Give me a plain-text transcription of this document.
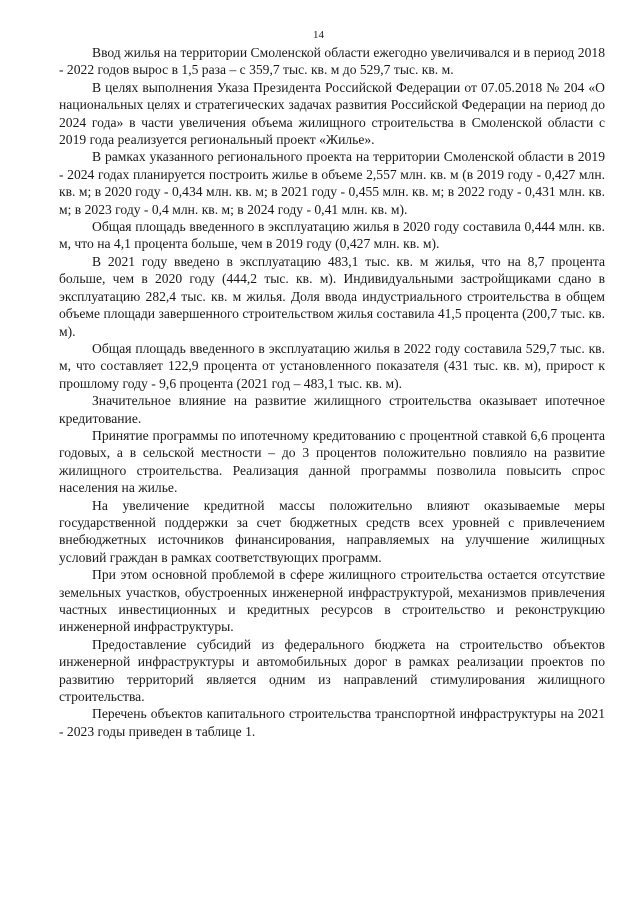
14

Ввод жилья на территории Смоленской области ежегодно увеличивался и в период 2018 - 2022 годов вырос в 1,5 раза – с 359,7 тыс. кв. м до 529,7 тыс. кв. м.

В целях выполнения Указа Президента Российской Федерации от 07.05.2018 № 204 «О национальных целях и стратегических задачах развития Российской Федерации на период до 2024 года» в части увеличения объема жилищного строительства в Смоленской области с 2019 года реализуется региональный проект «Жилье».

В рамках указанного регионального проекта на территории Смоленской области в 2019 - 2024 годах планируется построить жилье в объеме 2,557 млн. кв. м (в 2019 году - 0,427 млн. кв. м; в 2020 году - 0,434 млн. кв. м; в 2021 году - 0,455 млн. кв. м; в 2022 году - 0,431 млн. кв. м; в 2023 году - 0,4 млн. кв. м; в 2024 году - 0,41 млн. кв. м).

Общая площадь введенного в эксплуатацию жилья в 2020 году составила 0,444 млн. кв. м, что на 4,1 процента больше, чем в 2019 году (0,427 млн. кв. м).

В 2021 году введено в эксплуатацию 483,1 тыс. кв. м жилья, что на 8,7 процента больше, чем в 2020 году (444,2 тыс. кв. м). Индивидуальными застройщиками сдано в эксплуатацию 282,4 тыс. кв. м жилья. Доля ввода индустриального строительства в общем объеме площади завершенного строительством жилья составила 41,5 процента (200,7 тыс. кв. м).

Общая площадь введенного в эксплуатацию жилья в 2022 году составила 529,7 тыс. кв. м, что составляет 122,9 процента от установленного показателя (431 тыс. кв. м), прирост к прошлому году - 9,6 процента (2021 год – 483,1 тыс. кв. м).

Значительное влияние на развитие жилищного строительства оказывает ипотечное кредитование.

Принятие программы по ипотечному кредитованию с процентной ставкой 6,6 процента годовых, а в сельской местности – до 3 процентов положительно повлияло на развитие жилищного строительства. Реализация данной программы позволила повысить спрос населения на жилье.

На увеличение кредитной массы положительно влияют оказываемые меры государственной поддержки за счет бюджетных средств всех уровней с привлечением внебюджетных источников финансирования, направляемых на улучшение жилищных условий граждан в рамках соответствующих программ.

При этом основной проблемой в сфере жилищного строительства остается отсутствие земельных участков, обустроенных инженерной инфраструктурой, механизмов привлечения частных инвестиционных и кредитных ресурсов в строительство и реконструкцию инженерной инфраструктуры.

Предоставление субсидий из федерального бюджета на строительство объектов инженерной инфраструктуры и автомобильных дорог в рамках реализации проектов по развитию территорий является одним из направлений стимулирования жилищного строительства.

Перечень объектов капитального строительства транспортной инфраструктуры на 2021 - 2023 годы приведен в таблице 1.
